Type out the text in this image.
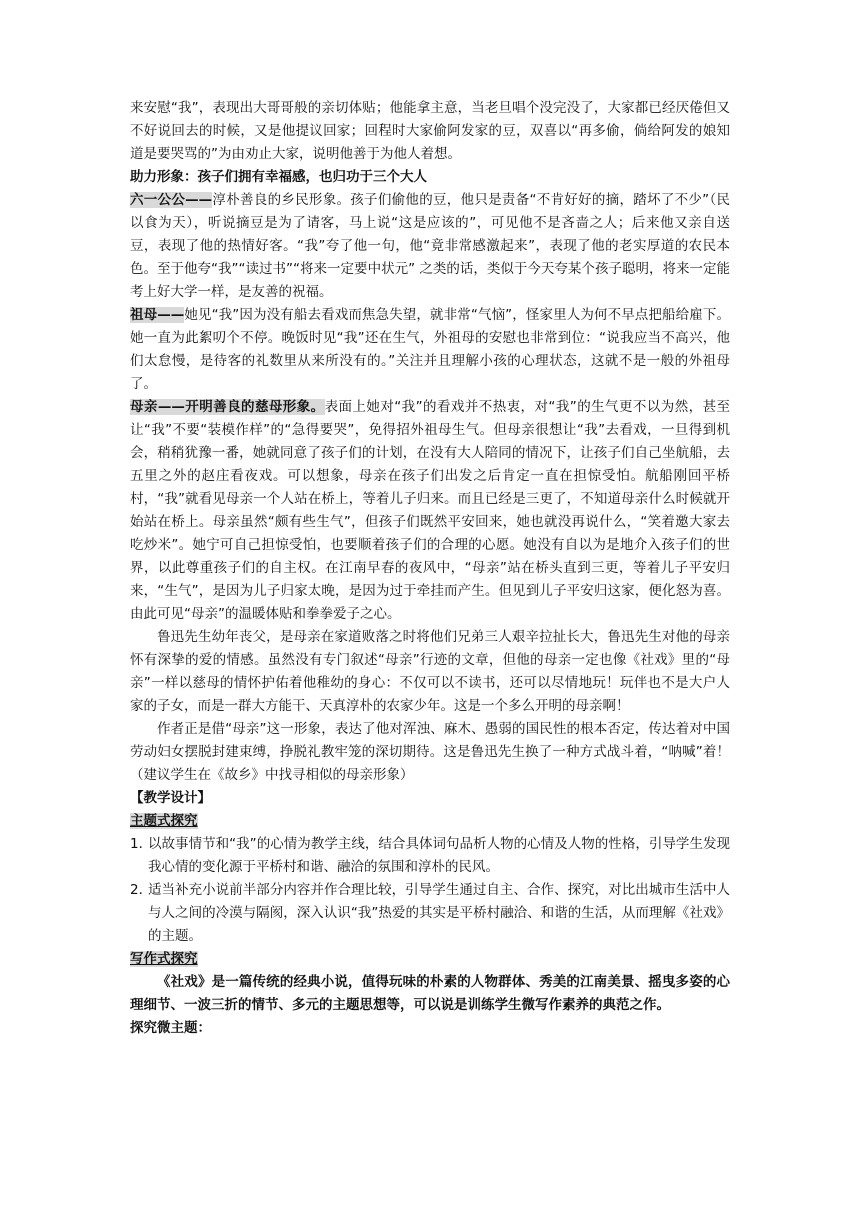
来安慰“我”，表现出大哥哥般的亲切体贴；他能拿主意，当老旦唱个没完没了，大家都已经厌倦但又不好说回去的时候，又是他提议回家；回程时大家偷阿发家的豆，双喜以“再多偷，倘给阿发的娘知道是要哭骂的”为由劝止大家，说明他善于为他人着想。

助力形象：孩子们拥有幸福感，也归功于三个大人

六一公公——淳朴善良的乡民形象。孩子们偷他的豆，他只是责备“不肯好好的摘，踏坏了不少”（民以食为天），听说摘豆是为了请客，马上说“这是应该的”，可见他不是吝啬之人；后来他又亲自送豆，表现了他的热情好客。“我”夸了他一句，他“竟非常感激起来”，表现了他的老实厚道的农民本色。至于他夸“我”“读过书”“将来一定要中状元” 之类的话，类似于今天夸某个孩子聪明，将来一定能考上好大学一样，是友善的祝福。

祖母——她见“我”因为没有船去看戏而焦急失望，就非常“气恼”，怪家里人为何不早点把船给雇下。她一直为此絮叨个不停。晚饭时见“我”还在生气，外祖母的安慰也非常到位：“说我应当不高兴，他们太怠慢，是待客的礼数里从来所没有的。”关注并且理解小孩的心理状态，这就不是一般的外祖母了。

母亲——开明善良的慈母形象。表面上她对“我”的看戏并不热衷，对“我”的生气更不以为然，甚至让“我”不要“装模作样”的“急得要哭”，免得招外祖母生气。但母亲很想让“我”去看戏，一旦得到机会，稍稍犹豫一番，她就同意了孩子们的计划，在没有大人陪同的情况下，让孩子们自己坐航船，去五里之外的赵庄看夜戏。可以想象，母亲在孩子们出发之后肯定一直在担惊受怕。航船刚回平桥村，“我”就看见母亲一个人站在桥上，等着儿子归来。而且已经是三更了，不知道母亲什么时候就开始站在桥上。母亲虽然“颇有些生气”，但孩子们既然平安回来，她也就没再说什么，“笑着邀大家去吃炒米”。她宁可自己担惊受怕，也要顺着孩子们的合理的心愿。她没有自以为是地介入孩子们的世界，以此尊重孩子们的自主权。在江南早春的夜风中，“母亲”站在桥头直到三更，等着儿子平安归来，“生气”，是因为儿子归家太晚，是因为过于牵挂而产生。但见到儿子平安归这家，便化怒为喜。由此可见“母亲”的温暖体贴和拳拳爱子之心。

鲁迅先生幼年丧父，是母亲在家道败落之时将他们兄弟三人艰辛拉扯长大，鲁迅先生对他的母亲怀有深挚的爱的情感。虽然没有专门叙述“母亲”行迹的文章，但他的母亲一定也像《社戏》里的“母亲”一样以慈母的情怀护佑着他稚幼的身心：不仅可以不读书，还可以尽情地玩！玩伴也不是大户人家的子女，而是一群大方能干、天真淳朴的农家少年。这是一个多么开明的母亲啊！

作者正是借“母亲”这一形象，表达了他对浑浊、麻木、愚弱的国民性的根本否定，传达着对中国劳动妇女摆脱封建束缚，挣脱礼教牢笼的深切期待。这是鲁迅先生换了一种方式战斗着，“呐喊”着！　（建议学生在《故乡》中找寻相似的母亲形象）

【教学设计】

主题式探究

1．
以故事情节和“我”的心情为教学主线，结合具体词句品析人物的心情及人物的性格，引导学生发现我心情的变化源于平桥村和谐、融洽的氛围和淳朴的民风。
2．
适当补充小说前半部分内容并作合理比较，引导学生通过自主、合作、探究，对比出城市生活中人与人之间的冷漠与隔阂，深入认识“我”热爱的其实是平桥村融洽、和谐的生活，从而理解《社戏》的主题。

写作式探究

《社戏》是一篇传统的经典小说，值得玩味的朴素的人物群体、秀美的江南美景、摇曳多姿的心理细节、一波三折的情节、多元的主题思想等，可以说是训练学生微写作素养的典范之作。

探究微主题：
